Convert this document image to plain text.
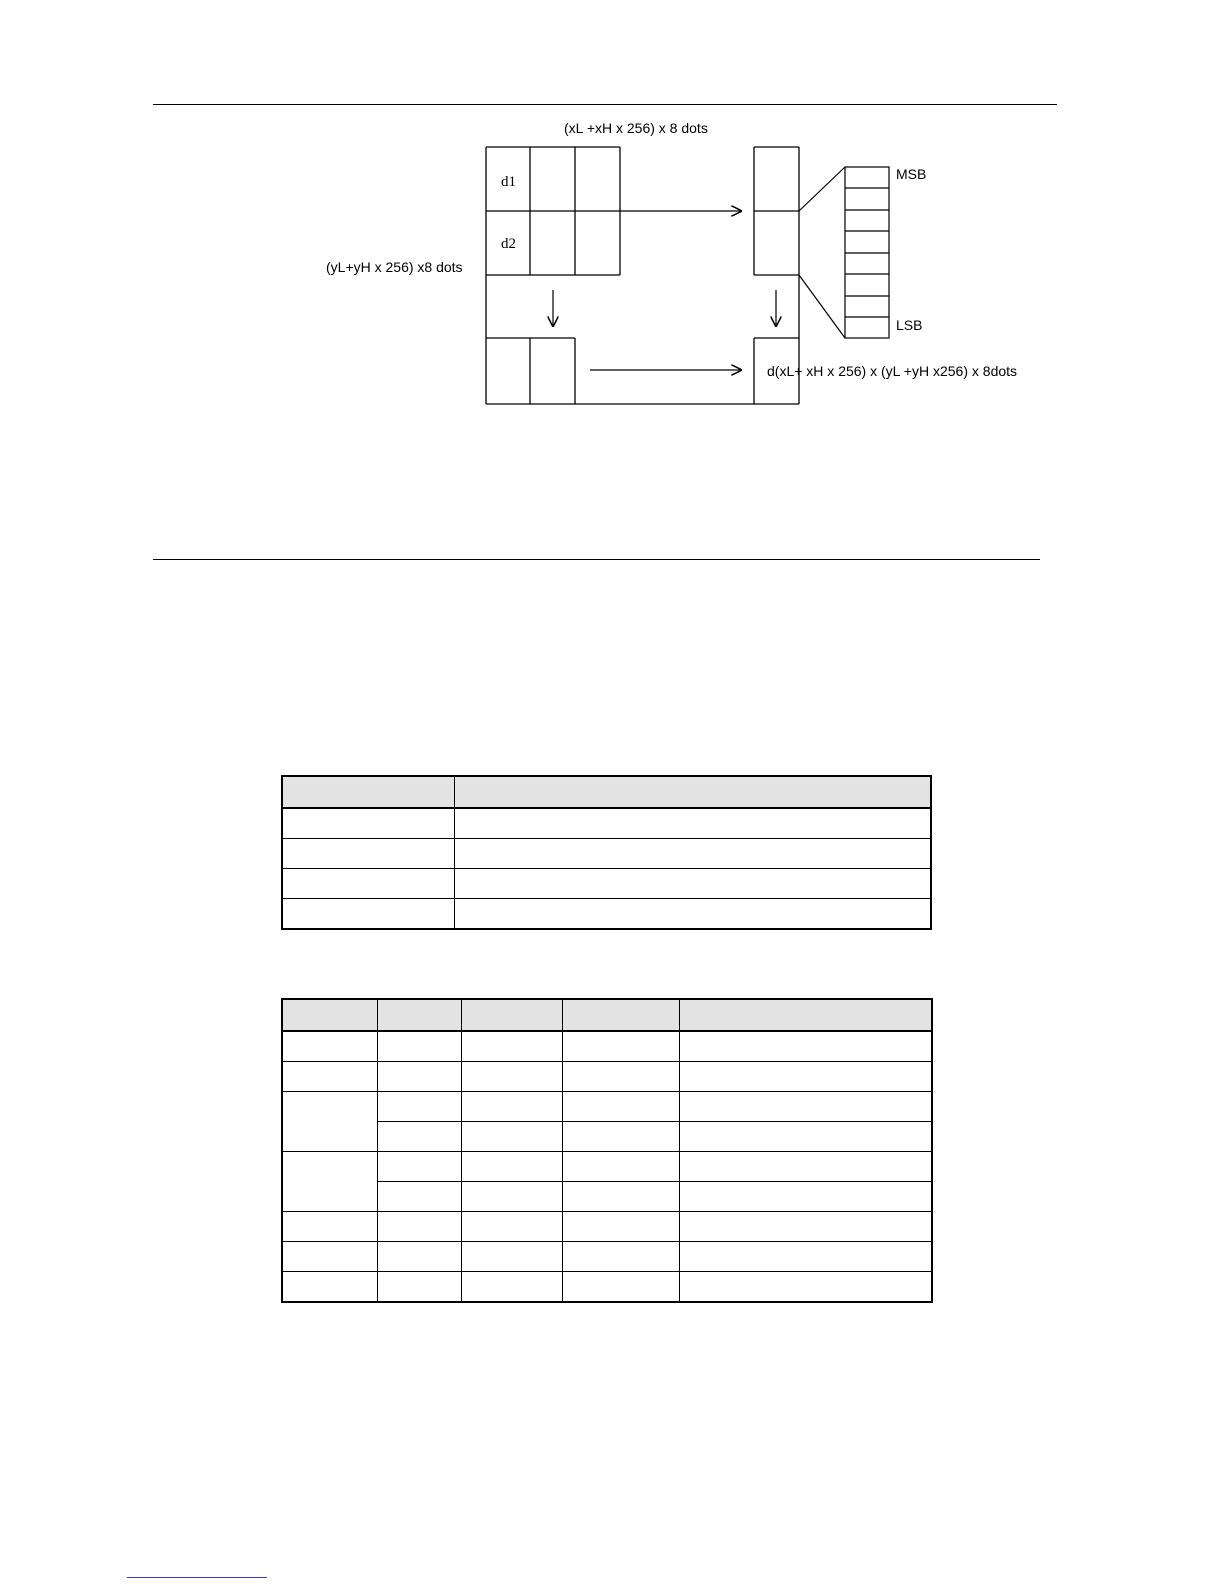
(xL +xH x 256) x 8 dots
(yL+yH x 256) x8 dots
d1
d2
MSB
LSB
d(xL+ xH x 256) x (yL +yH x256) x 8dots
